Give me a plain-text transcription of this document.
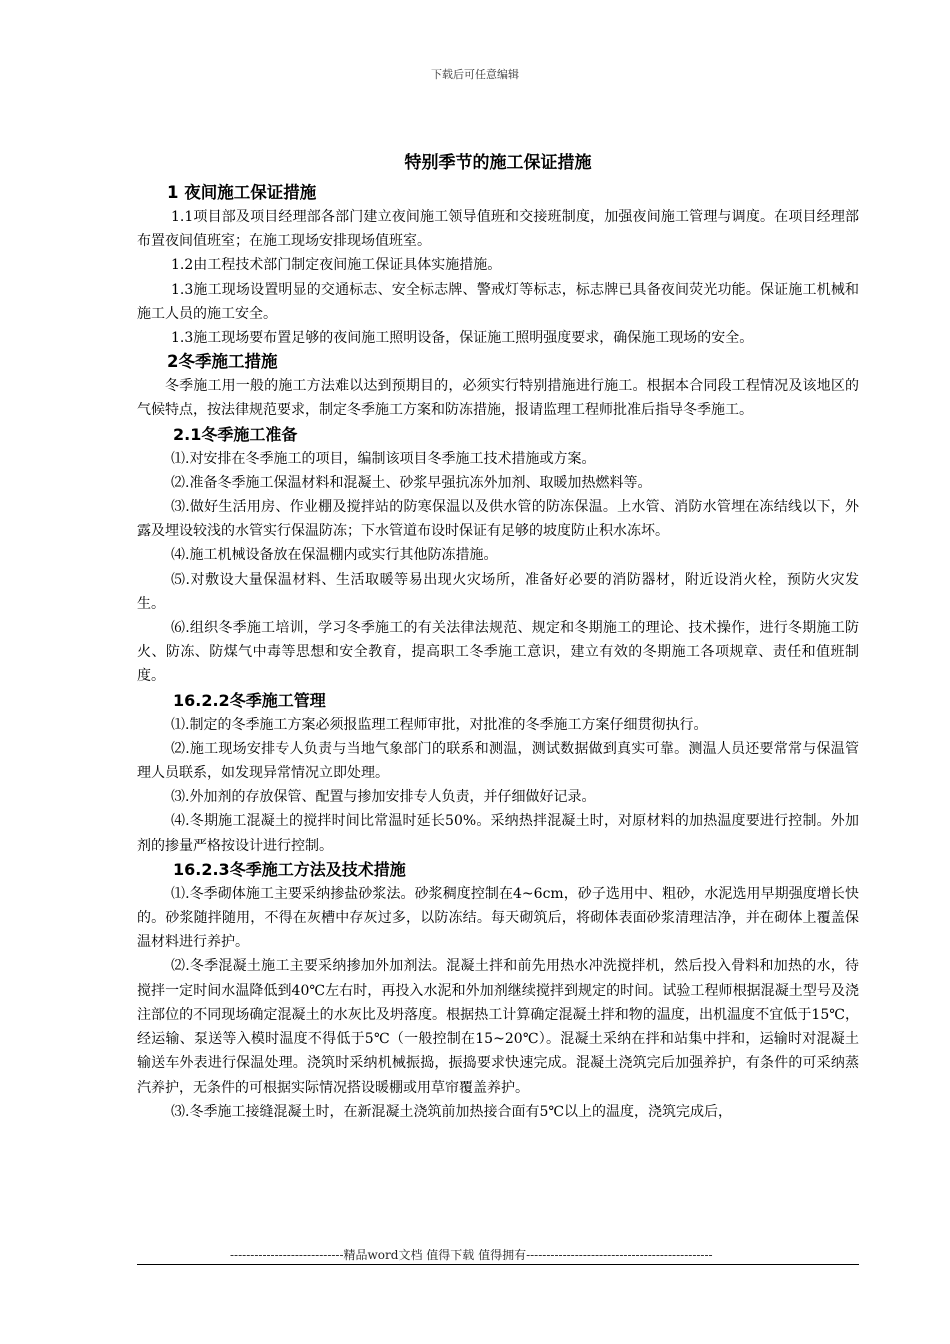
下载后可任意编辑
特别季节的施工保证措施
1 夜间施工保证措施

1.1项目部及项目经理部各部门建立夜间施工领导值班和交接班制度，加强夜间施工管理与调度。在项目经理部布置夜间值班室；在施工现场安排现场值班室。

1.2由工程技术部门制定夜间施工保证具体实施措施。

1.3施工现场设置明显的交通标志、安全标志牌、警戒灯等标志，标志牌已具备夜间荧光功能。保证施工机械和施工人员的施工安全。

1.3施工现场要布置足够的夜间施工照明设备，保证施工照明强度要求，确保施工现场的安全。

2冬季施工措施

冬季施工用一般的施工方法难以达到预期目的，必须实行特别措施进行施工。根据本合同段工程情况及该地区的气候特点，按法律规范要求，制定冬季施工方案和防冻措施，报请监理工程师批准后指导冬季施工。

2.1冬季施工准备

⑴.对安排在冬季施工的项目，编制该项目冬季施工技术措施或方案。

⑵.准备冬季施工保温材料和混凝土、砂浆早强抗冻外加剂、取暖加热燃料等。

⑶.做好生活用房、作业棚及搅拌站的防寒保温以及供水管的防冻保温。上水管、消防水管埋在冻结线以下，外露及埋设较浅的水管实行保温防冻；下水管道布设时保证有足够的坡度防止积水冻坏。

⑷.施工机械设备放在保温棚内或实行其他防冻措施。

⑸.对敷设大量保温材料、生活取暖等易出现火灾场所，准备好必要的消防器材，附近设消火栓，预防火灾发生。

⑹.组织冬季施工培训，学习冬季施工的有关法律法规范、规定和冬期施工的理论、技术操作，进行冬期施工防火、防冻、防煤气中毒等思想和安全教育，提高职工冬季施工意识，建立有效的冬期施工各项规章、责任和值班制度。

16.2.2冬季施工管理

⑴.制定的冬季施工方案必须报监理工程师审批，对批准的冬季施工方案仔细贯彻执行。

⑵.施工现场安排专人负责与当地气象部门的联系和测温，测试数据做到真实可靠。测温人员还要常常与保温管理人员联系，如发现异常情况立即处理。

⑶.外加剂的存放保管、配置与掺加安排专人负责，并仔细做好记录。

⑷.冬期施工混凝土的搅拌时间比常温时延长50%。采纳热拌混凝土时，对原材料的加热温度要进行控制。外加剂的掺量严格按设计进行控制。

16.2.3冬季施工方法及技术措施

⑴.冬季砌体施工主要采纳掺盐砂浆法。砂浆稠度控制在4~6cm，砂子选用中、粗砂，水泥选用早期强度增长快的。砂浆随拌随用，不得在灰槽中存灰过多，以防冻结。每天砌筑后，将砌体表面砂浆清理洁净，并在砌体上覆盖保温材料进行养护。

⑵.冬季混凝土施工主要采纳掺加外加剂法。混凝土拌和前先用热水冲洗搅拌机，然后投入骨料和加热的水，待搅拌一定时间水温降低到40℃左右时，再投入水泥和外加剂继续搅拌到规定的时间。试验工程师根据混凝土型号及浇注部位的不同现场确定混凝土的水灰比及坍落度。根据热工计算确定混凝土拌和物的温度，出机温度不宜低于15℃，经运输、泵送等入模时温度不得低于5℃（一般控制在15~20℃）。混凝土采纳在拌和站集中拌和，运输时对混凝土输送车外表进行保温处理。浇筑时采纳机械振捣，振捣要求快速完成。混凝土浇筑完后加强养护，有条件的可采纳蒸汽养护，无条件的可根据实际情况搭设暖棚或用草帘覆盖养护。

⑶.冬季施工接缝混凝土时，在新混凝土浇筑前加热接合面有5℃以上的温度，浇筑完成后，

----------------------------精品word文档 值得下载 值得拥有----------------------------------------------
